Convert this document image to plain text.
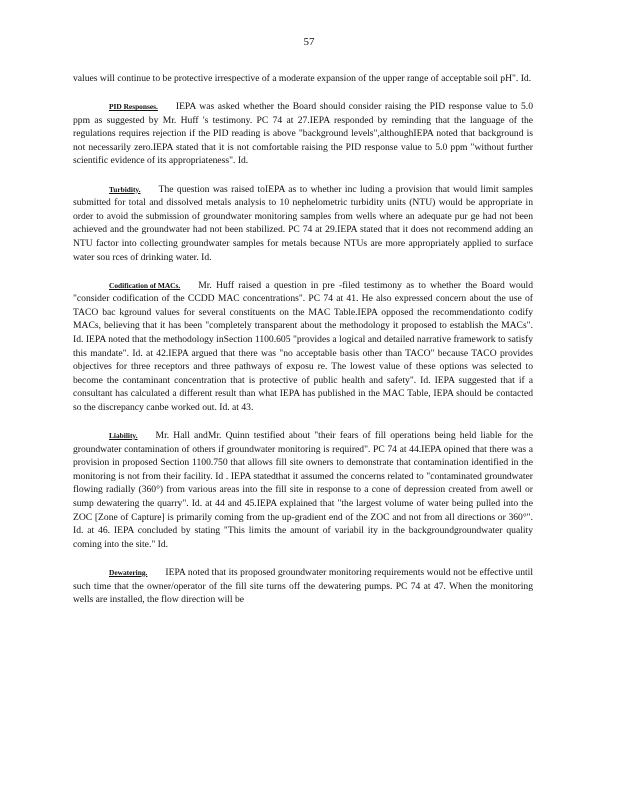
57

values will continue to be protective irrespective of a moderate expansion of the upper range of acceptable soil pH". Id.

PID Responses. IEPA was asked whether the Board should consider raising the PID response value to 5.0 ppm as suggested by Mr. Huff 's testimony. PC 74 at 27.IEPA responded by reminding that the language of the regulations requires rejection if the PID reading is above "background levels",althoughIEPA noted that background is not necessarily zero.IEPA stated that it is not comfortable raising the PID response value to 5.0 ppm "without further scientific evidence of its appropriateness". Id.

Turbidity. The question was raised toIEPA as to whether inc luding a provision that would limit samples submitted for total and dissolved metals analysis to 10 nephelometric turbidity units (NTU) would be appropriate in order to avoid the submission of groundwater monitoring samples from wells where an adequate pur ge had not been achieved and the groundwater had not been stabilized. PC 74 at 29.IEPA stated that it does not recommend adding an NTU factor into collecting groundwater samples for metals because NTUs are more appropriately applied to surface water sou rces of drinking water. Id.

Codification of MACs. Mr. Huff raised a question in pre -filed testimony as to whether the Board would "consider codification of the CCDD MAC concentrations". PC 74 at 41. He also expressed concern about the use of TACO bac kground values for several constituents on the MAC Table.IEPA opposed the recommendationto codify MACs, believing that it has been "completely transparent about the methodology it proposed to establish the MACs". Id. IEPA noted that the methodology inSection 1100.605 "provides a logical and detailed narrative framework to satisfy this mandate". Id. at 42.IEPA argued that there was "no acceptable basis other than TACO" because TACO provides objectives for three receptors and three pathways of exposu re. The lowest value of these options was selected to become the contaminant concentration that is protective of public health and safety". Id. IEPA suggested that if a consultant has calculated a different result than what IEPA has published in the MAC Table, IEPA should be contacted so the discrepancy canbe worked out. Id. at 43.

Liability. Mr. Hall andMr. Quinn testified about "their fears of fill operations being held liable for the groundwater contamination of others if groundwater monitoring is required". PC 74 at 44.IEPA opined that there was a provision in proposed Section 1100.750 that allows fill site owners to demonstrate that contamination identified in the monitoring is not from their facility. Id . IEPA statedthat it assumed the concerns related to "contaminated groundwater flowing radially (360°) from various areas into the fill site in response to a cone of depression created from awell or sump dewatering the quarry". Id. at 44 and 45.IEPA explained that "the largest volume of water being pulled into the ZOC [Zone of Capture] is primarily coming from the up-gradient end of the ZOC and not from all directions or 360°". Id. at 46. IEPA concluded by stating "This limits the amount of variabil ity in the backgroundgroundwater quality coming into the site." Id.

Dewatering. IEPA noted that its proposed groundwater monitoring requirements would not be effective until such time that the owner/operator of the fill site turns off the dewatering pumps. PC 74 at 47. When the monitoring wells are installed, the flow direction will be
